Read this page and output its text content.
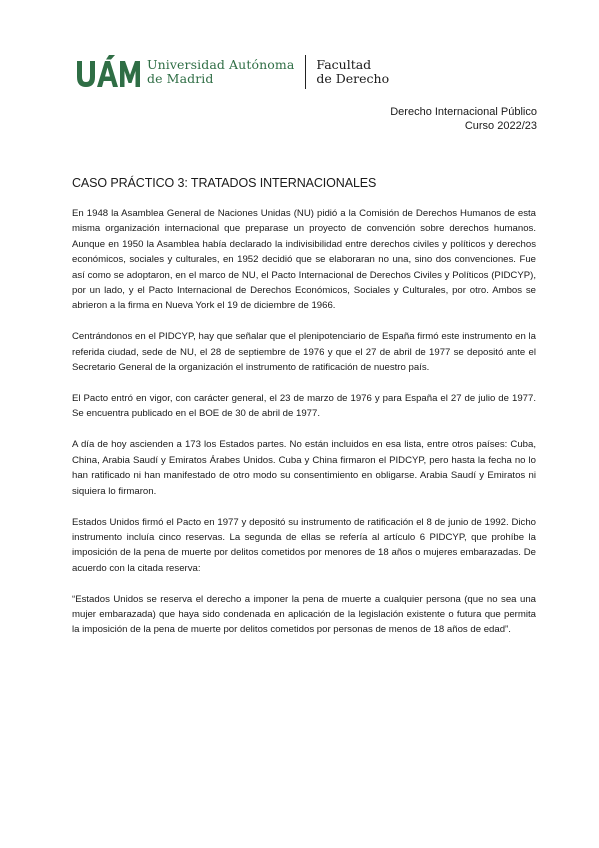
Universidad Autónoma
de Madrid
Facultad
de Derecho
Derecho Internacional Público
Curso 2022/23
CASO PRÁCTICO 3: TRATADOS INTERNACIONALES

En 1948 la Asamblea General de Naciones Unidas (NU) pidió a la Comisión de Derechos Humanos de esta misma organización internacional que preparase un proyecto de convención sobre derechos humanos. Aunque en 1950 la Asamblea había declarado la indivisibilidad entre derechos civiles y políticos y derechos económicos, sociales y culturales, en 1952 decidió que se elaboraran no una, sino dos convenciones. Fue así como se adoptaron, en el marco de NU, el Pacto Internacional de Derechos Civiles y Políticos (PIDCYP), por un lado, y el Pacto Internacional de Derechos Económicos, Sociales y Culturales, por otro. Ambos se abrieron a la firma en Nueva York el 19 de diciembre de 1966.

Centrándonos en el PIDCYP, hay que señalar que el plenipotenciario de España firmó este instrumento en la referida ciudad, sede de NU, el 28 de septiembre de 1976 y que el 27 de abril de 1977 se depositó ante el Secretario General de la organización el instrumento de ratificación de nuestro país.

El Pacto entró en vigor, con carácter general, el 23 de marzo de 1976 y para España el 27 de julio de 1977. Se encuentra publicado en el BOE de 30 de abril de 1977.

A día de hoy ascienden a 173 los Estados partes. No están incluidos en esa lista, entre otros países: Cuba, China, Arabia Saudí y Emiratos Árabes Unidos. Cuba y China firmaron el PIDCYP, pero hasta la fecha no lo han ratificado ni han manifestado de otro modo su consentimiento en obligarse. Arabia Saudí y Emiratos ni siquiera lo firmaron.

Estados Unidos firmó el Pacto en 1977 y depositó su instrumento de ratificación el 8 de junio de 1992. Dicho instrumento incluía cinco reservas. La segunda de ellas se refería al artículo 6 PIDCYP, que prohíbe la imposición de la pena de muerte por delitos cometidos por menores de 18 años o mujeres embarazadas. De acuerdo con la citada reserva:

“Estados Unidos se reserva el derecho a imponer la pena de muerte a cualquier persona (que no sea una mujer embarazada) que haya sido condenada en aplicación de la legislación existente o futura que permita la imposición de la pena de muerte por delitos cometidos por personas de menos de 18 años de edad”.
